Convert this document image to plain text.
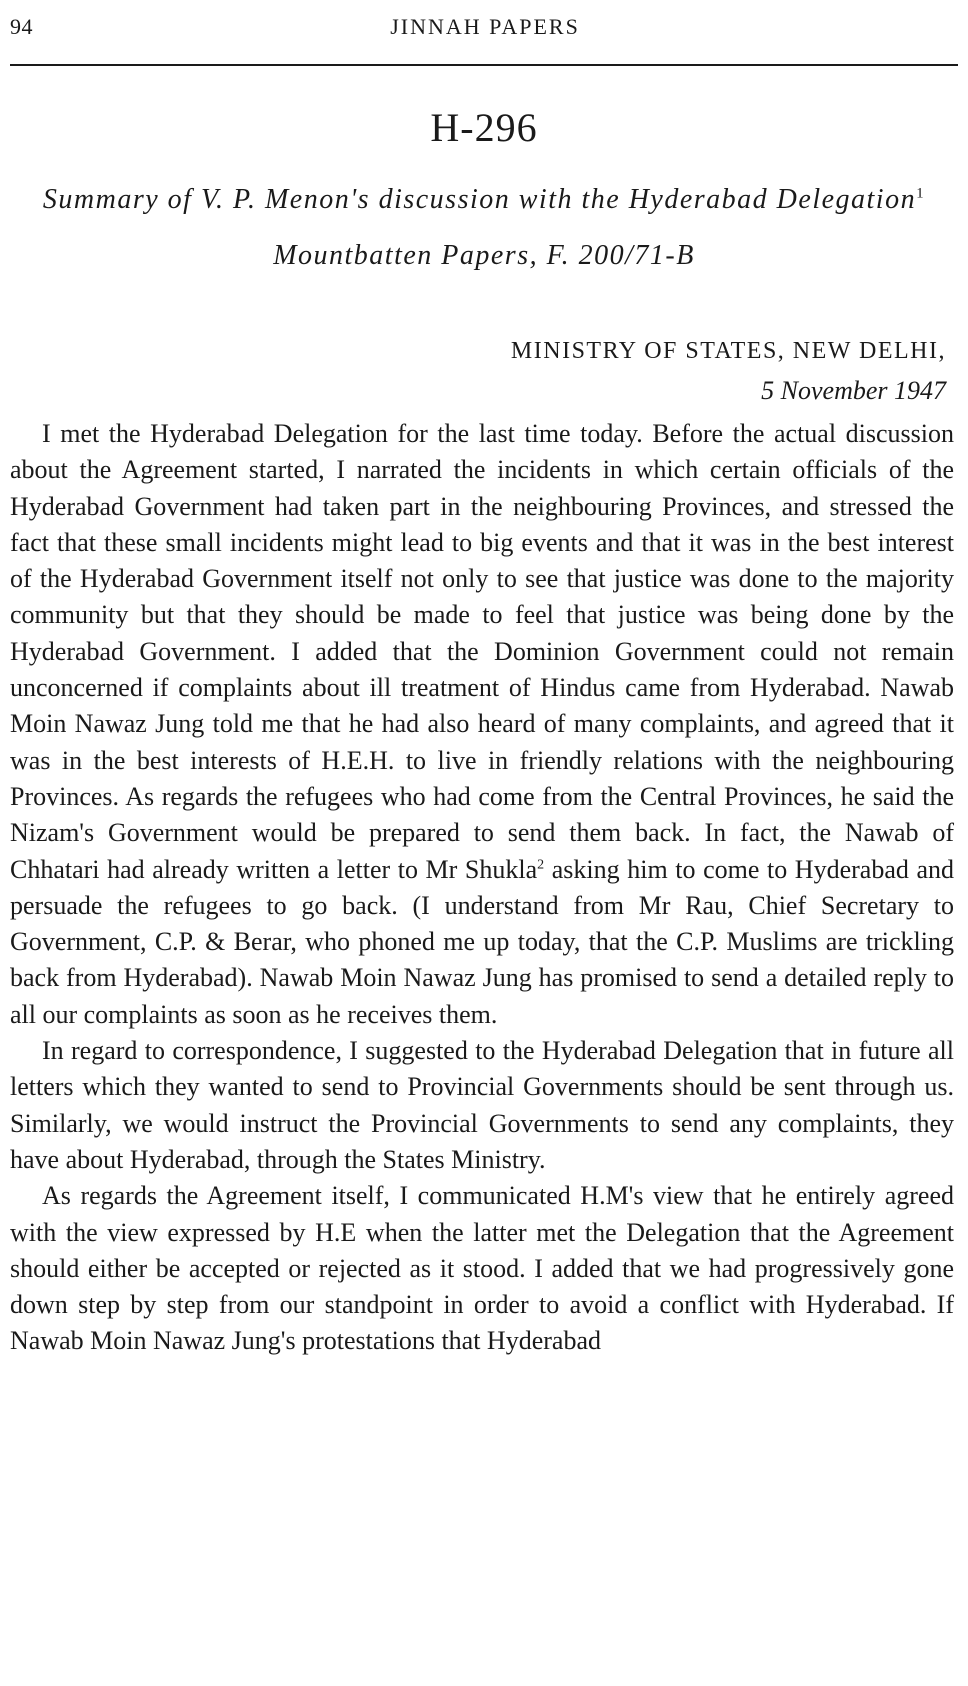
94	JINNAH PAPERS
H-296
Summary of V. P. Menon's discussion with the Hyderabad Delegation$^1$
Mountbatten Papers, F. 200/71-B
MINISTRY OF STATES, NEW DELHI,
5 November 1947

I met the Hyderabad Delegation for the last time today. Before the actual discussion about the Agreement started, I narrated the incidents in which certain officials of the Hyderabad Government had taken part in the neighbouring Provinces, and stressed the fact that these small incidents might lead to big events and that it was in the best interest of the Hyderabad Government itself not only to see that justice was done to the majority community but that they should be made to feel that justice was being done by the Hyderabad Government. I added that the Dominion Government could not remain unconcerned if complaints about ill treatment of Hindus came from Hyderabad. Nawab Moin Nawaz Jung told me that he had also heard of many complaints, and agreed that it was in the best interests of H.E.H. to live in friendly relations with the neighbouring Provinces. As regards the refugees who had come from the Central Provinces, he said the Nizam's Government would be prepared to send them back. In fact, the Nawab of Chhatari had already written a letter to Mr Shukla$^2$ asking him to come to Hyderabad and persuade the refugees to go back. (I understand from Mr Rau, Chief Secretary to Government, C.P. & Berar, who phoned me up today, that the C.P. Muslims are trickling back from Hyderabad). Nawab Moin Nawaz Jung has promised to send a detailed reply to all our complaints as soon as he receives them.

In regard to correspondence, I suggested to the Hyderabad Delegation that in future all letters which they wanted to send to Provincial Governments should be sent through us. Similarly, we would instruct the Provincial Governments to send any complaints, they have about Hyderabad, through the States Ministry.

As regards the Agreement itself, I communicated H.M's view that he entirely agreed with the view expressed by H.E when the latter met the Delegation that the Agreement should either be accepted or rejected as it stood. I added that we had progressively gone down step by step from our standpoint in order to avoid a conflict with Hyderabad. If Nawab Moin Nawaz Jung's protestations that Hyderabad
